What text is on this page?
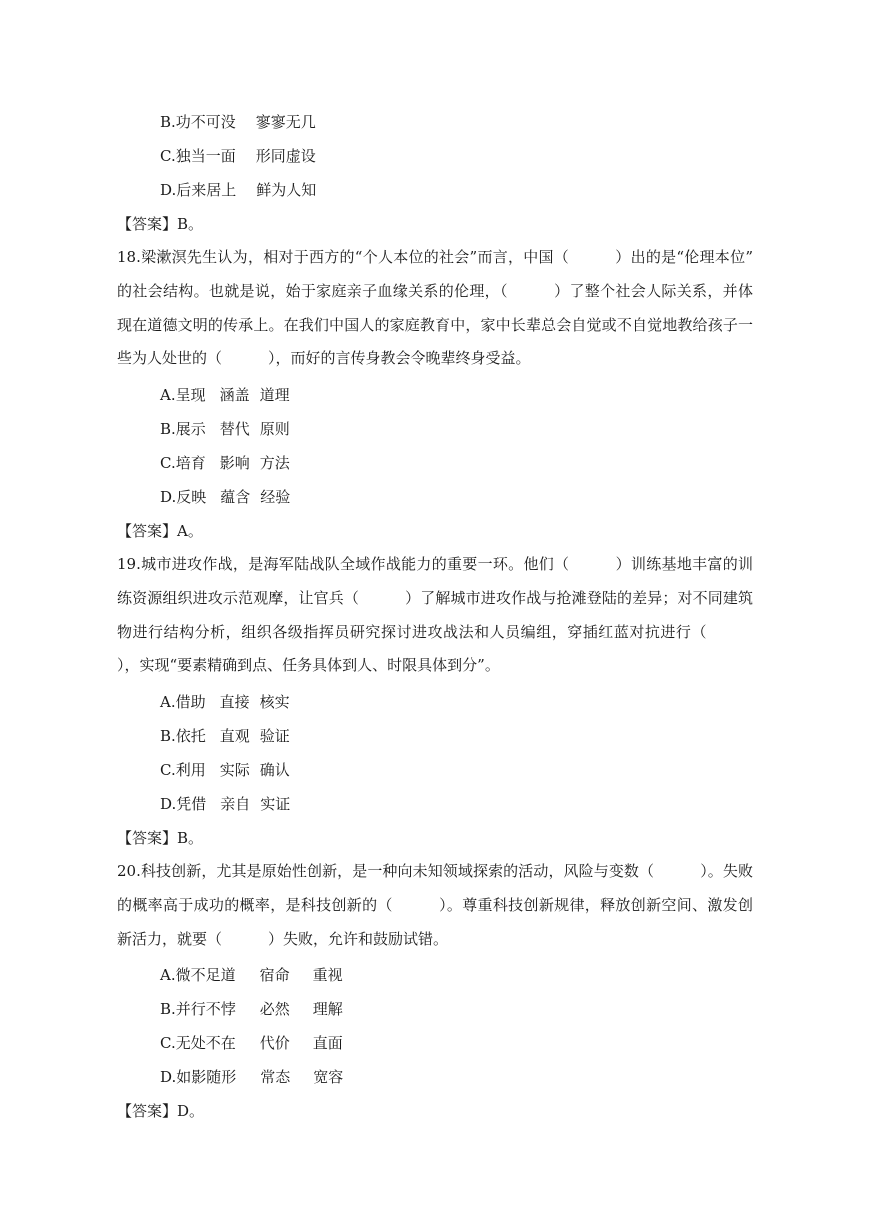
B.功不可没 寥寥无几
C.独当一面 形同虚设
D.后来居上 鲜为人知
【答案】B。
18.梁漱溟先生认为，相对于西方的“个人本位的社会”而言，中国（	）出的是“伦理本位” 的社会结构。也就是说，始于家庭亲子血缘关系的伦理，（	）了整个社会人际关系，并体现在道德文明的传承上。在我们中国人的家庭教育中，家中长辈总会自觉或不自觉地教给孩子一些为人处世的（	），而好的言传身教会令晚辈终身受益。
A.呈现 涵盖 道理
B.展示 替代 原则
C.培育 影响 方法
D.反映 蕴含 经验
【答案】A。
19.城市进攻作战，是海军陆战队全域作战能力的重要一环。他们（	）训练基地丰富的训练资源组织进攻示范观摩，让官兵（	）了解城市进攻作战与抢滩登陆的差异；对不同建筑物进行结构分析，组织各级指挥员研究探讨进攻战法和人员编组，穿插红蓝对抗进行（），实现“要素精确到点、任务具体到人、时限具体到分”。
A.借助 直接 核实
B.依托 直观 验证
C.利用 实际 确认
D.凭借 亲自 实证
【答案】B。
20.科技创新，尤其是原始性创新，是一种向未知领域探索的活动，风险与变数（	）。失败的概率高于成功的概率，是科技创新的（	）。尊重科技创新规律，释放创新空间、激发创新活力，就要（	）失败，允许和鼓励试错。
A.微不足道 宿命 重视
B.并行不悖 必然 理解
C.无处不在 代价 直面
D.如影随形 常态 宽容
【答案】D。
